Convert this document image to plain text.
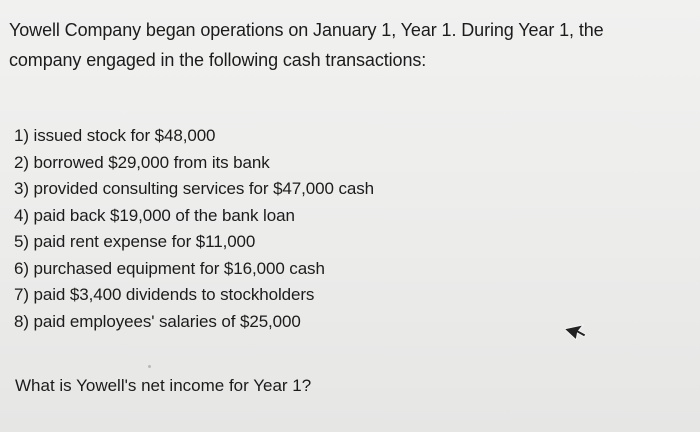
Yowell Company began operations on January 1, Year 1. During Year 1, the company engaged in the following cash transactions:

1) issued stock for $48,000
2) borrowed $29,000 from its bank
3) provided consulting services for $47,000 cash
4) paid back $19,000 of the bank loan
5) paid rent expense for $11,000
6) purchased equipment for $16,000 cash
7) paid $3,400 dividends to stockholders
8) paid employees' salaries of $25,000

What is Yowell's net income for Year 1?
